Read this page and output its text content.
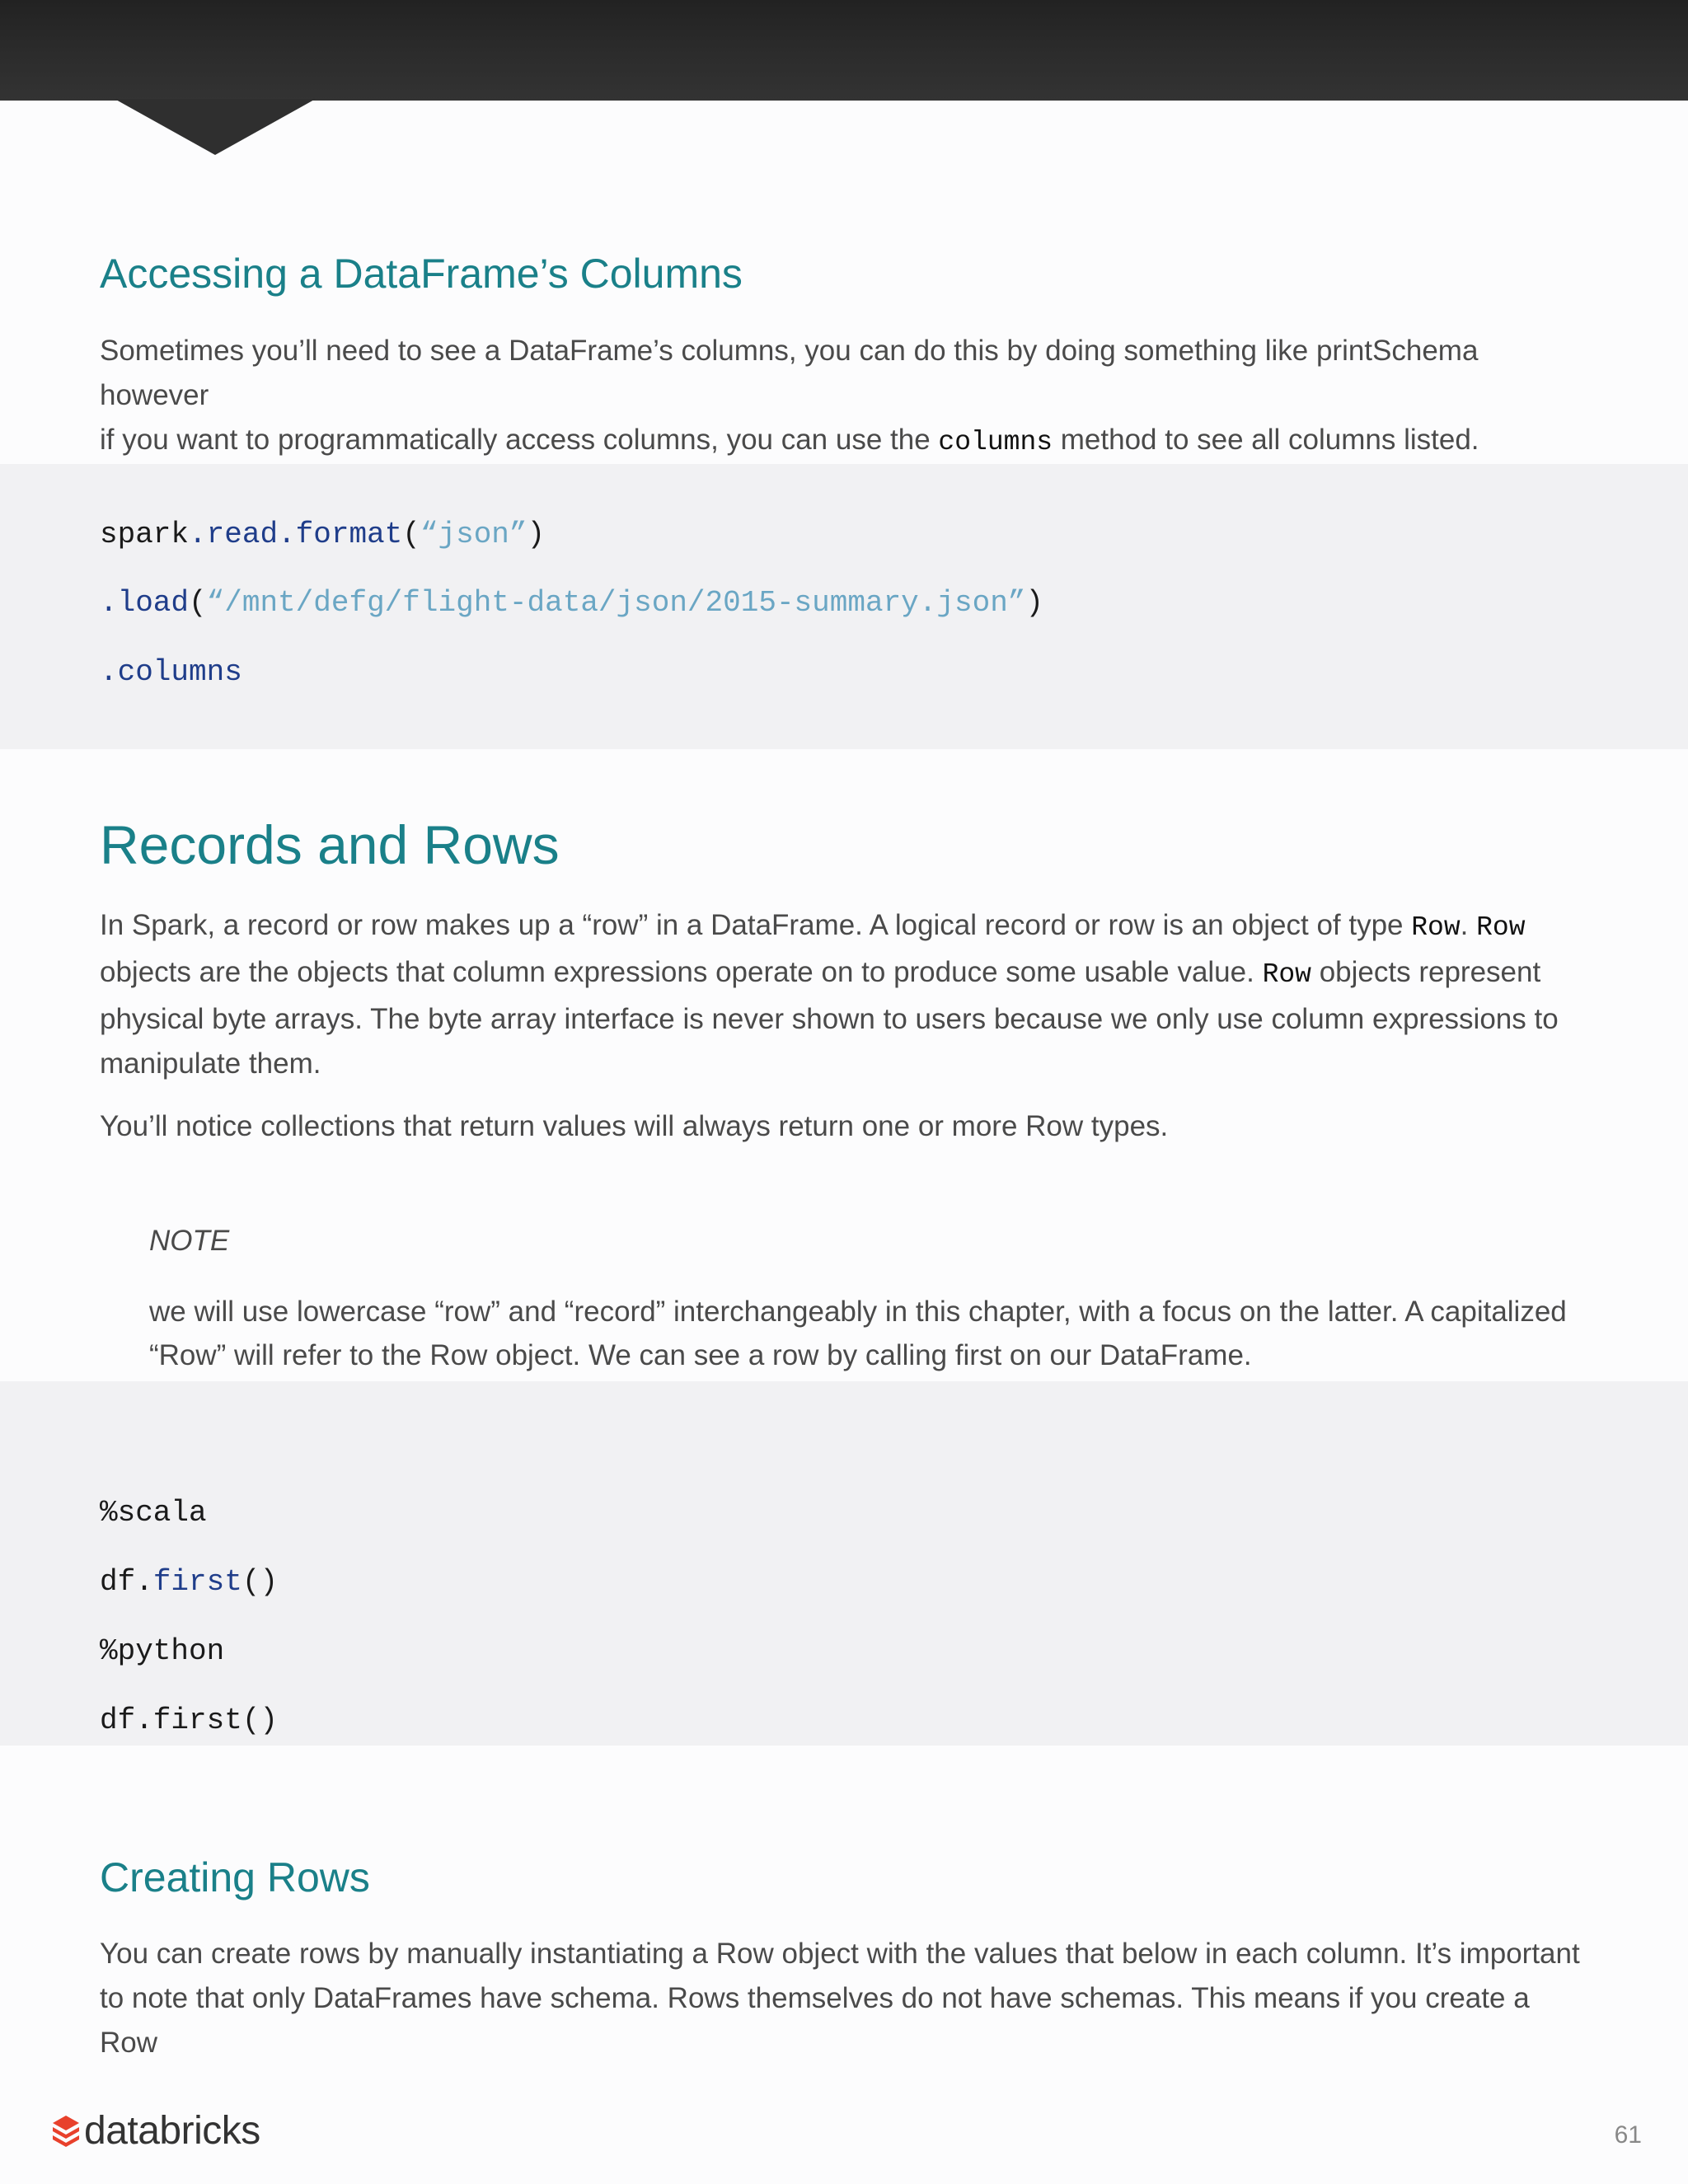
Accessing a DataFrame’s Columns

Sometimes you’ll need to see a DataFrame’s columns, you can do this by doing something like printSchema however
if you want to programmatically access columns, you can use the columns method to see all columns listed.

spark.read.format(“json”)
.load(“/mnt/defg/flight-data/json/2015-summary.json”)
.columns
Records and Rows

In Spark, a record or row makes up a “row” in a DataFrame. A logical record or row is an object of type Row. Row
objects are the objects that column expressions operate on to produce some usable value. Row objects represent
physical byte arrays. The byte array interface is never shown to users because we only use column expressions to
manipulate them.

You’ll notice collections that return values will always return one or more Row types.

NOTE

we will use lowercase “row” and “record” interchangeably in this chapter, with a focus on the latter. A capitalized
“Row” will refer to the Row object. We can see a row by calling first on our DataFrame.

%scala
df.first()
%python
df.first()
Creating Rows

You can create rows by manually instantiating a Row object with the values that below in each column. It’s important
to note that only DataFrames have schema. Rows themselves do not have schemas. This means if you create a Row

databricks	61
